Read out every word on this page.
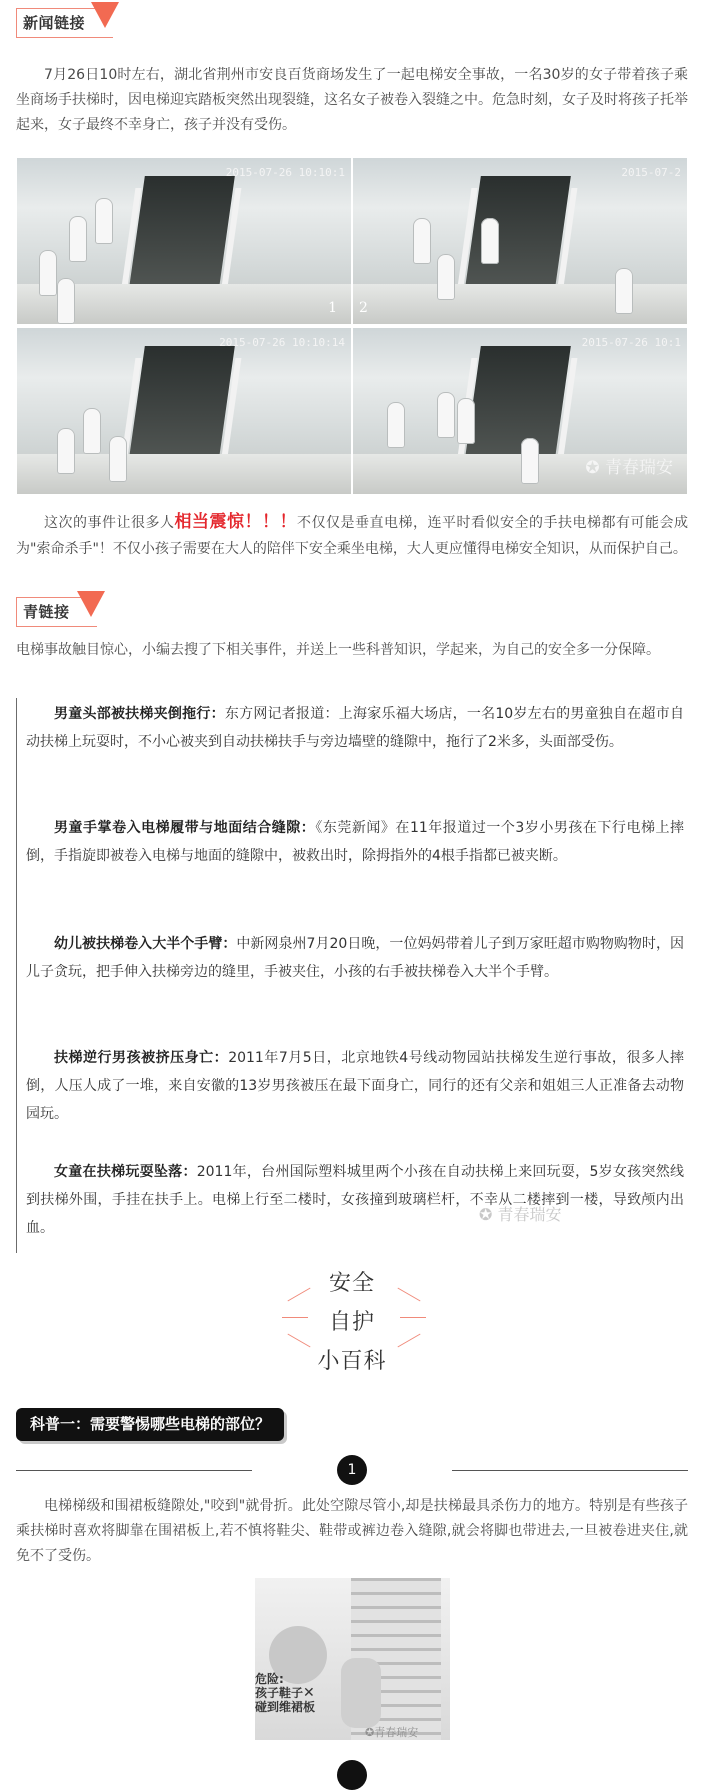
新闻链接
7月26日10时左右，湖北省荆州市安良百货商场发生了一起电梯安全事故，一名30岁的女子带着孩子乘坐商场手扶梯时，因电梯迎宾踏板突然出现裂缝，这名女子被卷入裂缝之中。危急时刻，女子及时将孩子托举起来，女子最终不幸身亡，孩子并没有受伤。
2015-07-26 10:10:1
1
2015-07-2
2
2015-07-26 10:10:14	2015-07-26 10:1
✪ 青春瑞安
这次的事件让很多人相当震惊！！！不仅仅是垂直电梯，连平时看似安全的手扶电梯都有可能会成为"索命杀手"！不仅小孩子需要在大人的陪伴下安全乘坐电梯，大人更应懂得电梯安全知识，从而保护自己。
青链接
电梯事故触目惊心，小编去搜了下相关事件，并送上一些科普知识，学起来，为自己的安全多一分保障。
男童头部被扶梯夹倒拖行：东方网记者报道：上海家乐福大场店，一名10岁左右的男童独自在超市自动扶梯上玩耍时，不小心被夹到自动扶梯扶手与旁边墙壁的缝隙中，拖行了2米多，头面部受伤。
男童手掌卷入电梯履带与地面结合缝隙：《东莞新闻》在11年报道过一个3岁小男孩在下行电梯上摔倒，手指旋即被卷入电梯与地面的缝隙中，被救出时，除拇指外的4根手指都已被夹断。
幼儿被扶梯卷入大半个手臂：中新网泉州7月20日晚，一位妈妈带着儿子到万家旺超市购物购物时，因儿子贪玩，把手伸入扶梯旁边的缝里，手被夹住，小孩的右手被扶梯卷入大半个手臂。
扶梯逆行男孩被挤压身亡：2011年7月5日，北京地铁4号线动物园站扶梯发生逆行事故，很多人摔倒，人压人成了一堆，来自安徽的13岁男孩被压在最下面身亡，同行的还有父亲和姐姐三人正准备去动物园玩。
女童在扶梯玩耍坠落：2011年，台州国际塑料城里两个小孩在自动扶梯上来回玩耍，5岁女孩突然线到扶梯外围，手挂在扶手上。电梯上行至二楼时，女孩撞到玻璃栏杆，不幸从二楼摔到一楼，导致颅内出血。
✪ 青春瑞安
安全
自护
小百科
科普一：需要警惕哪些电梯的部位？
1
电梯梯级和围裙板缝隙处,"咬到"就骨折。此处空隙尽管小,却是扶梯最具杀伤力的地方。特别是有些孩子乘扶梯时喜欢将脚靠在围裙板上,若不慎将鞋尖、鞋带或裤边卷入缝隙,就会将脚也带进去,一旦被卷进夹住,就免不了受伤。
危险:
孩子鞋子✕
碰到维裙板
✪青春瑞安
